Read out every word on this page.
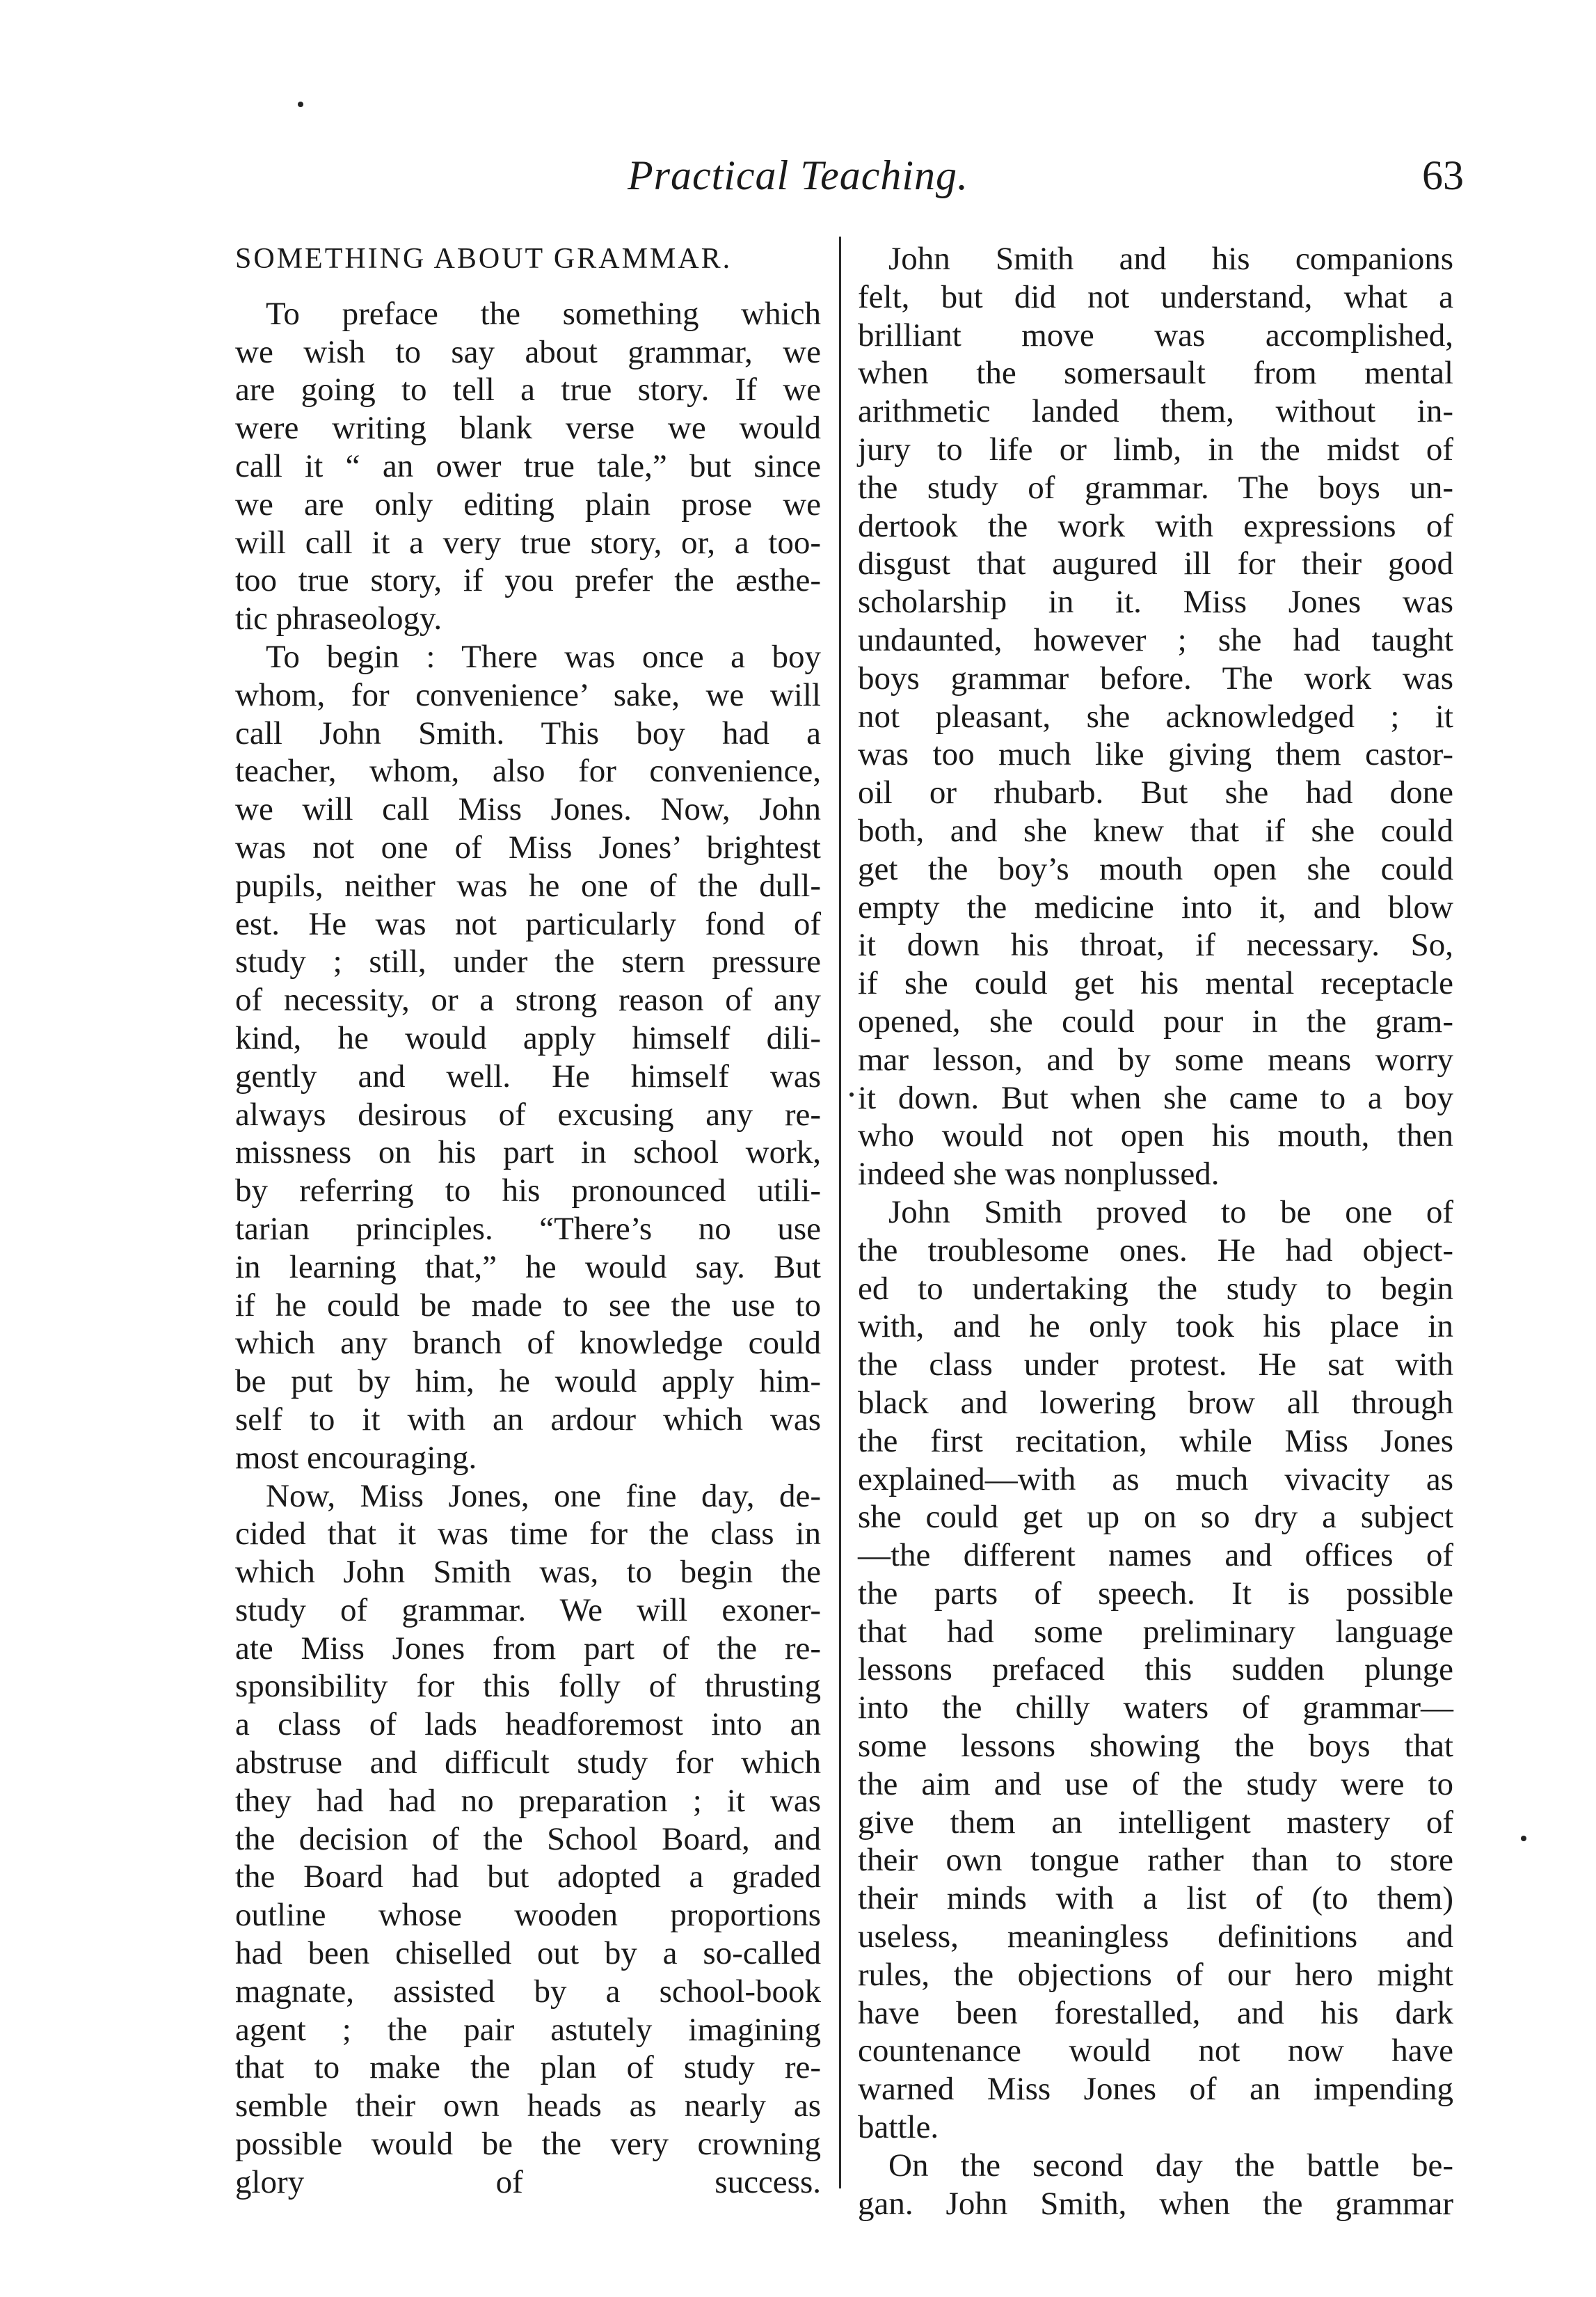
Practical Teaching.	63
SOMETHING ABOUT GRAMMAR.
To preface the something which
we wish to say about grammar, we
are going to tell a true story. If we
were writing blank verse we would
call it “ an ower true tale,” but since
we are only editing plain prose we
will call it a very true story, or, a too-
too true story, if you prefer the æsthe-
tic phraseology.
To begin : There was once a boy
whom, for convenience’ sake, we will
call John Smith. This boy had a
teacher, whom, also for convenience,
we will call Miss Jones. Now, John
was not one of Miss Jones’ brightest
pupils, neither was he one of the dull-
est. He was not particularly fond of
study ; still, under the stern pressure
of necessity, or a strong reason of any
kind, he would apply himself dili-
gently and well. He himself was
always desirous of excusing any re-
missness on his part in school work,
by referring to his pronounced utili-
tarian principles. “There’s no use
in learning that,” he would say. But
if he could be made to see the use to
which any branch of knowledge could
be put by him, he would apply him-
self to it with an ardour which was
most encouraging.
Now, Miss Jones, one fine day, de-
cided that it was time for the class in
which John Smith was, to begin the
study of grammar. We will exoner-
ate Miss Jones from part of the re-
sponsibility for this folly of thrusting
a class of lads headforemost into an
abstruse and difficult study for which
they had had no preparation ; it was
the decision of the School Board, and
the Board had but adopted a graded
outline whose wooden proportions
had been chiselled out by a so-called
magnate, assisted by a school-book
agent ; the pair astutely imagining
that to make the plan of study re-
semble their own heads as nearly as
possible would be the very crowning
glory of success.
John Smith and his companions
felt, but did not understand, what a
brilliant move was accomplished,
when the somersault from mental
arithmetic landed them, without in-
jury to life or limb, in the midst of
the study of grammar. The boys un-
dertook the work with expressions of
disgust that augured ill for their good
scholarship in it. Miss Jones was
undaunted, however ; she had taught
boys grammar before. The work was
not pleasant, she acknowledged ; it
was too much like giving them castor-
oil or rhubarb. But she had done
both, and she knew that if she could
get the boy’s mouth open she could
empty the medicine into it, and blow
it down his throat, if necessary. So,
if she could get his mental receptacle
opened, she could pour in the gram-
mar lesson, and by some means worry
it down. But when she came to a boy
who would not open his mouth, then
indeed she was nonplussed.
John Smith proved to be one of
the troublesome ones. He had object-
ed to undertaking the study to begin
with, and he only took his place in
the class under protest. He sat with
black and lowering brow all through
the first recitation, while Miss Jones
explained—with as much vivacity as
she could get up on so dry a subject
—the different names and offices of
the parts of speech. It is possible
that had some preliminary language
lessons prefaced this sudden plunge
into the chilly waters of grammar—
some lessons showing the boys that
the aim and use of the study were to
give them an intelligent mastery of
their own tongue rather than to store
their minds with a list of (to them)
useless, meaningless definitions and
rules, the objections of our hero might
have been forestalled, and his dark
countenance would not now have
warned Miss Jones of an impending
battle.
On the second day the battle be-
gan. John Smith, when the grammar
